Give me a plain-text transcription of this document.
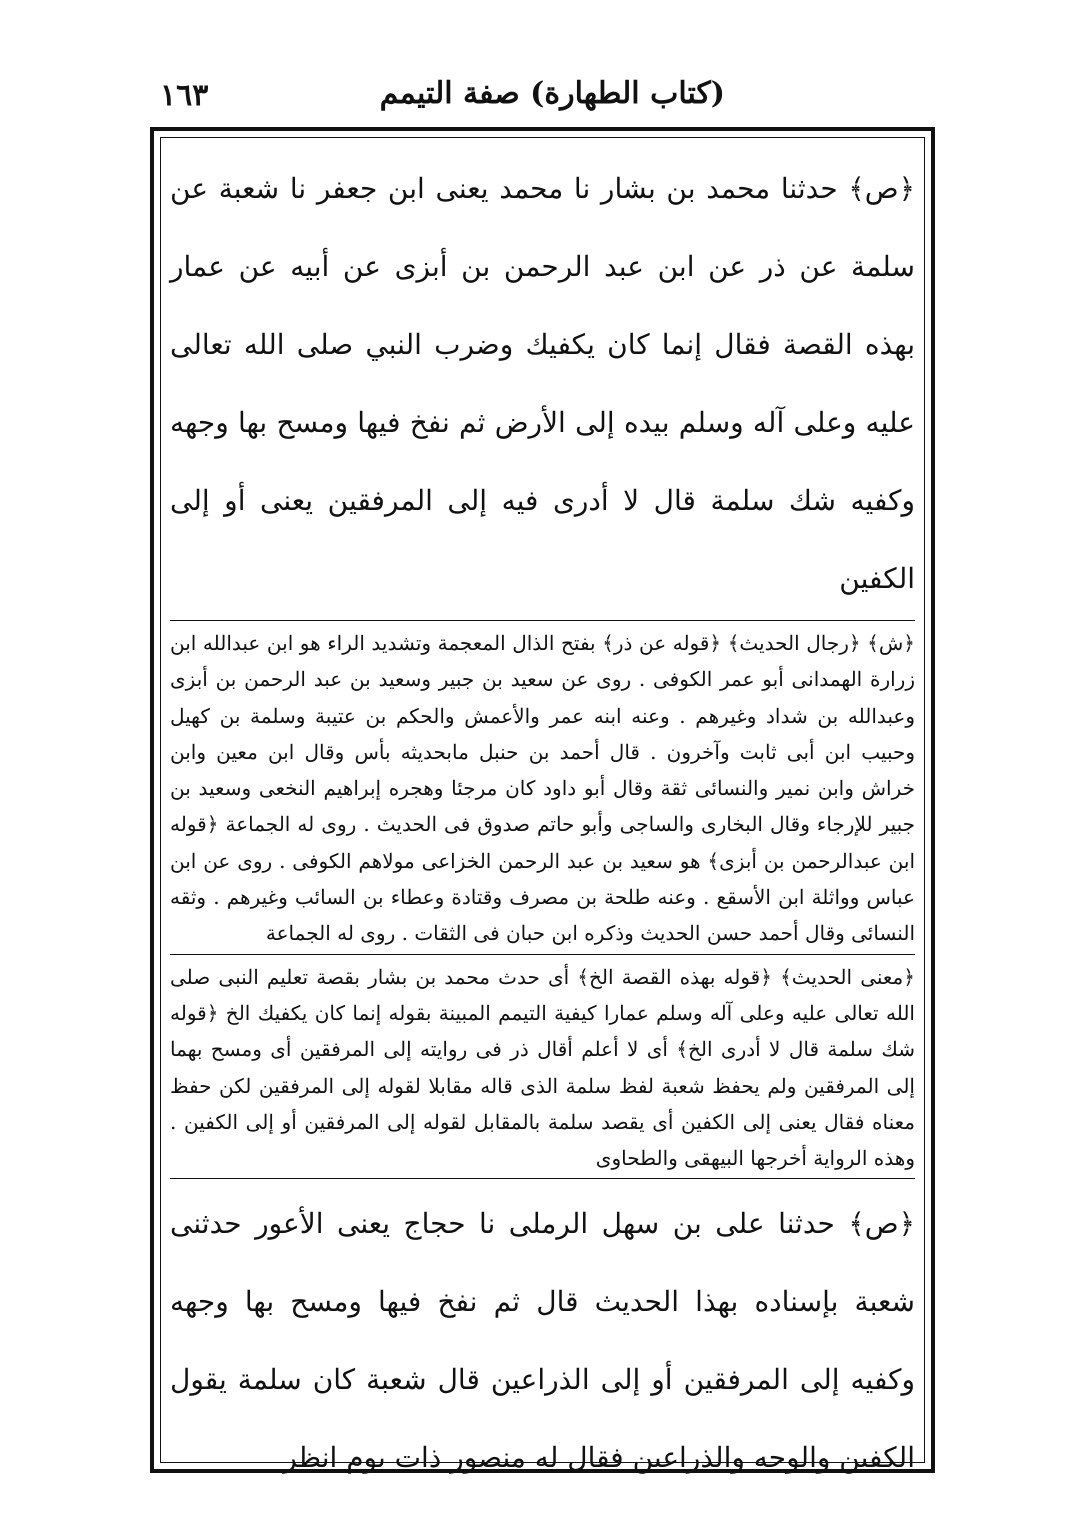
(كتاب الطهارة) صفة التيمم
١٦٣
﴿ص﴾ حدثنا محمد بن بشار نا محمد يعنى ابن جعفر نا شعبة عن سلمة عن ذر عن ابن عبد الرحمن بن أبزى عن أبيه عن عمار بهذه القصة فقال إنما كان يكفيك وضرب النبي صلى الله تعالى عليه وعلى آله وسلم بيده إلى الأرض ثم نفخ فيها ومسح بها وجهه وكفيه شك سلمة قال لا أدرى فيه إلى المرفقين يعنى أو إلى الكفين
﴿ش﴾ ﴿رجال الحديث﴾ ﴿قوله عن ذر﴾ بفتح الذال المعجمة وتشديد الراء هو ابن عبدالله ابن زرارة الهمدانى أبو عمر الكوفى . روى عن سعيد بن جبير وسعيد بن عبد الرحمن بن أبزى وعبدالله بن شداد وغيرهم . وعنه ابنه عمر والأعمش والحكم بن عتيبة وسلمة بن كهيل وحبيب ابن أبى ثابت وآخرون . قال أحمد بن حنبل مابحديثه بأس وقال ابن معين وابن خراش وابن نمير والنسائى ثقة وقال أبو داود كان مرجئا وهجره إبراهيم النخعى وسعيد بن جبير للإرجاء وقال البخارى والساجى وأبو حاتم صدوق فى الحديث . روى له الجماعة ﴿قوله ابن عبدالرحمن بن أبزى﴾ هو سعيد بن عبد الرحمن الخزاعى مولاهم الكوفى . روى عن ابن عباس وواثلة ابن الأسقع . وعنه طلحة بن مصرف وقتادة وعطاء بن السائب وغيرهم . وثقه النسائى وقال أحمد حسن الحديث وذكره ابن حبان فى الثقات . روى له الجماعة
﴿معنى الحديث﴾ ﴿قوله بهذه القصة الخ﴾ أى حدث محمد بن بشار بقصة تعليم النبى صلى الله تعالى عليه وعلى آله وسلم عمارا كيفية التيمم المبينة بقوله إنما كان يكفيك الخ ﴿قوله شك سلمة قال لا أدرى الخ﴾ أى لا أعلم أقال ذر فى روايته إلى المرفقين أى ومسح بهما إلى المرفقين ولم يحفظ شعبة لفظ سلمة الذى قاله مقابلا لقوله إلى المرفقين لكن حفظ معناه فقال يعنى إلى الكفين أى يقصد سلمة بالمقابل لقوله إلى المرفقين أو إلى الكفين . وهذه الرواية أخرجها البيهقى والطحاوى
﴿ص﴾ حدثنا على بن سهل الرملى نا حجاج يعنى الأعور حدثنى شعبة بإسناده بهذا الحديث قال ثم نفخ فيها ومسح بها وجهه وكفيه إلى المرفقين أو إلى الذراعين قال شعبة كان سلمة يقول الكفين والوجه والذراعين فقال له منصور ذات يوم انظر
